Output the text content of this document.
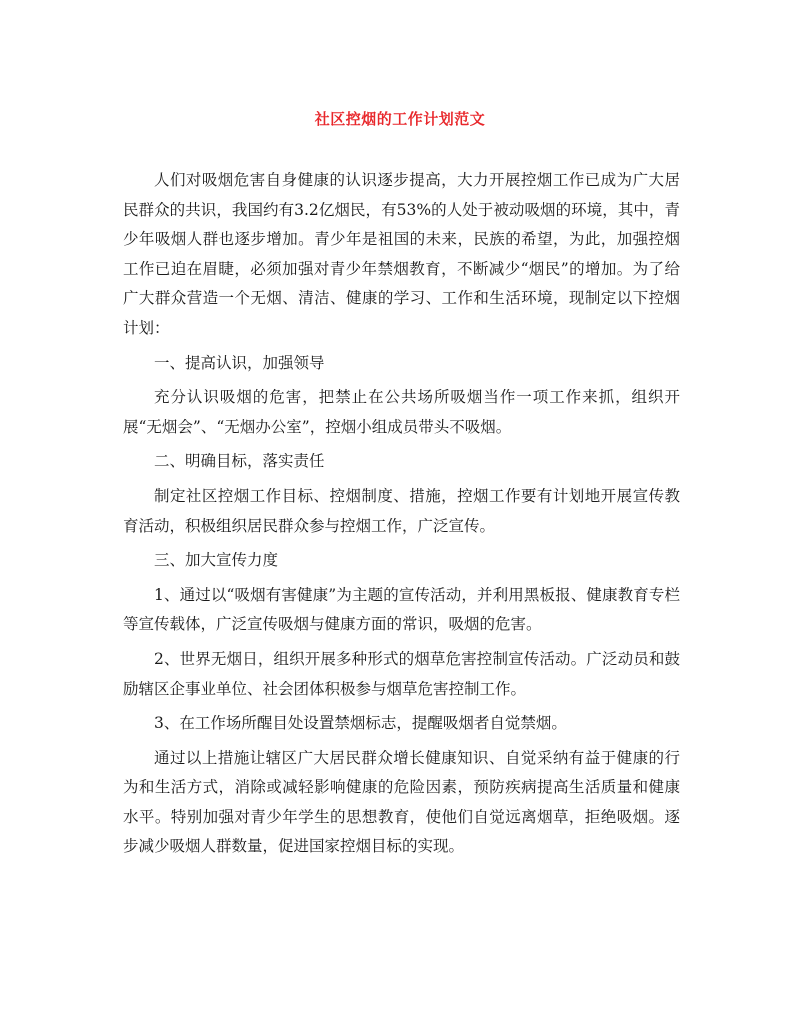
社区控烟的工作计划范文

人们对吸烟危害自身健康的认识逐步提高，大力开展控烟工作已成为广大居民群众的共识，我国约有3.2亿烟民，有53%的人处于被动吸烟的环境，其中，青少年吸烟人群也逐步增加。青少年是祖国的未来，民族的希望，为此，加强控烟工作已迫在眉睫，必须加强对青少年禁烟教育，不断减少“烟民”的增加。为了给广大群众营造一个无烟、清洁、健康的学习、工作和生活环境，现制定以下控烟计划：

一、提高认识，加强领导

充分认识吸烟的危害，把禁止在公共场所吸烟当作一项工作来抓，组织开展“无烟会”、“无烟办公室”，控烟小组成员带头不吸烟。

二、明确目标，落实责任

制定社区控烟工作目标、控烟制度、措施，控烟工作要有计划地开展宣传教育活动，积极组织居民群众参与控烟工作，广泛宣传。

三、加大宣传力度

1、通过以“吸烟有害健康”为主题的宣传活动，并利用黑板报、健康教育专栏等宣传载体，广泛宣传吸烟与健康方面的常识，吸烟的危害。

2、世界无烟日，组织开展多种形式的烟草危害控制宣传活动。广泛动员和鼓励辖区企事业单位、社会团体积极参与烟草危害控制工作。

3、在工作场所醒目处设置禁烟标志，提醒吸烟者自觉禁烟。

通过以上措施让辖区广大居民群众增长健康知识、自觉采纳有益于健康的行为和生活方式，消除或减轻影响健康的危险因素，预防疾病提高生活质量和健康水平。特别加强对青少年学生的思想教育，使他们自觉远离烟草，拒绝吸烟。逐步减少吸烟人群数量，促进国家控烟目标的实现。
